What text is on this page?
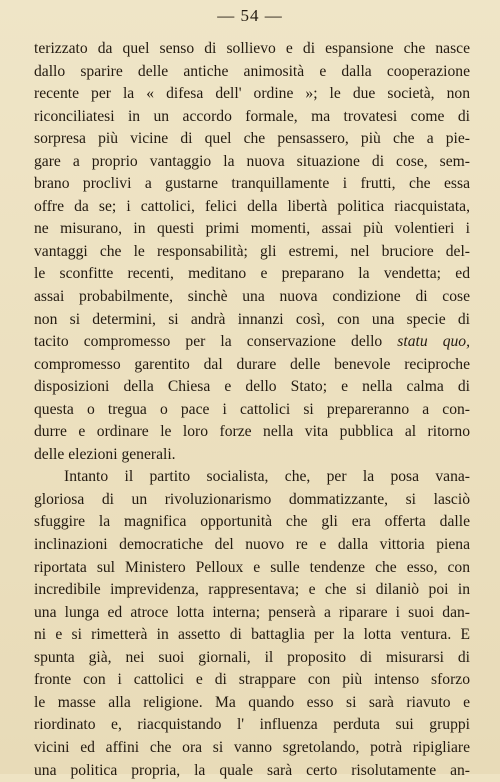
— 54 —
terizzato da quel senso di sollievo e di espansione che nasce
dallo sparire delle antiche animosità e dalla cooperazione
recente per la « difesa dell' ordine »; le due società, non
riconciliatesi in un accordo formale, ma trovatesi come di
sorpresa più vicine di quel che pensassero, più che a pie-
gare a proprio vantaggio la nuova situazione di cose, sem-
brano proclivi a gustarne tranquillamente i frutti, che essa
offre da se; i cattolici, felici della libertà politica riacquistata,
ne misurano, in questi primi momenti, assai più volentieri i
vantaggi che le responsabilità; gli estremi, nel bruciore del-
le sconfitte recenti, meditano e preparano la vendetta; ed
assai probabilmente, sinchè una nuova condizione di cose
non si determini, si andrà innanzi così, con una specie di
tacito compromesso per la conservazione dello statu quo,
compromesso garentito dal durare delle benevole reciproche
disposizioni della Chiesa e dello Stato; e nella calma di
questa o tregua o pace i cattolici si prepareranno a con-
durre e ordinare le loro forze nella vita pubblica al ritorno
delle elezioni generali.
Intanto il partito socialista, che, per la posa vana-
gloriosa di un rivoluzionarismo dommatizzante, si lasciò
sfuggire la magnifica opportunità che gli era offerta dalle
inclinazioni democratiche del nuovo re e dalla vittoria piena
riportata sul Ministero Pelloux e sulle tendenze che esso, con
incredibile imprevidenza, rappresentava; e che si dilaniò poi in
una lunga ed atroce lotta interna; penserà a riparare i suoi dan-
ni e si rimetterà in assetto di battaglia per la lotta ventura. E
spunta già, nei suoi giornali, il proposito di misurarsi di
fronte con i cattolici e di strappare con più intenso sforzo
le masse alla religione. Ma quando esso si sarà riavuto e
riordinato e, riacquistando l' influenza perduta sui gruppi
vicini ed affini che ora si vanno sgretolando, potrà ripigliare
una politica propria, la quale sarà certo risolutamente an-
